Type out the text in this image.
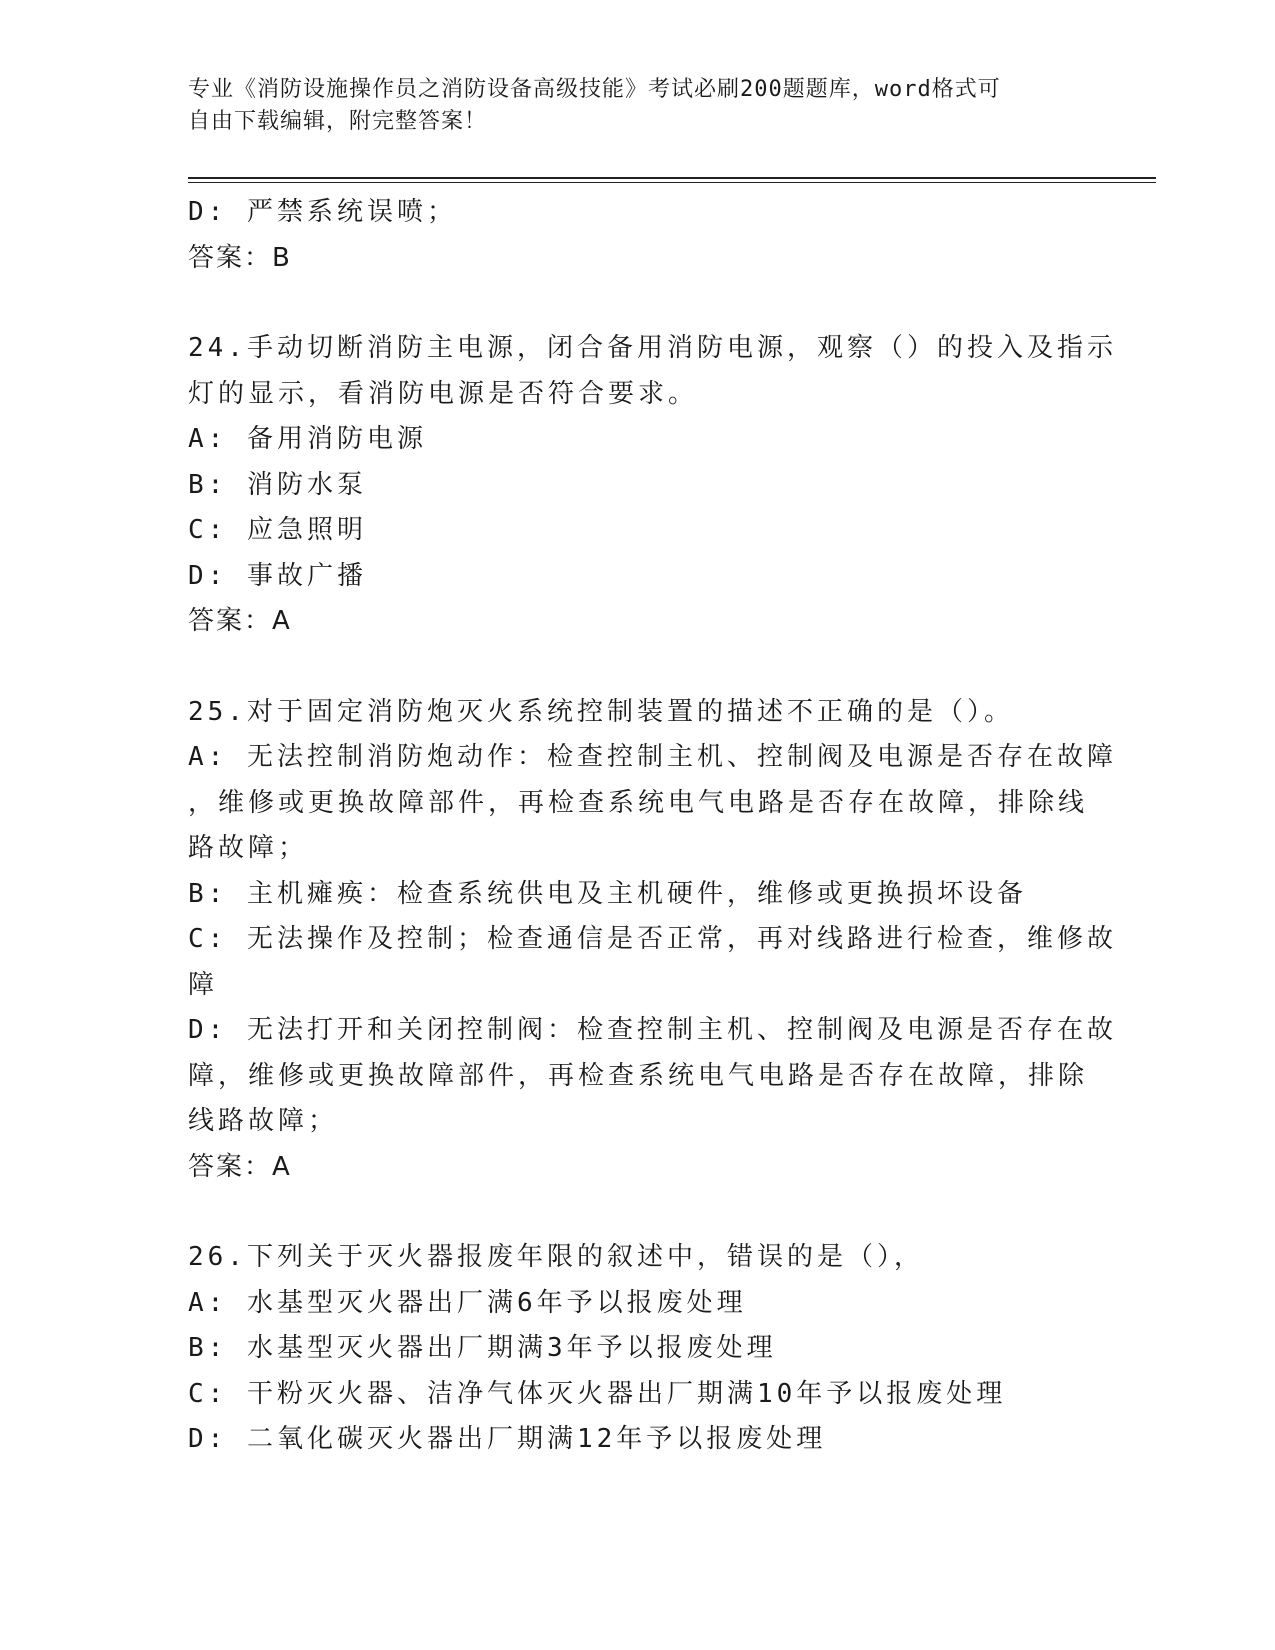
专业《消防设施操作员之消防设备高级技能》考试必刷200题题库，word格式可
自由下载编辑，附完整答案！
D: 严禁系统误喷；
答案：B
24.手动切断消防主电源，闭合备用消防电源，观察（）的投入及指示
灯的显示，看消防电源是否符合要求。
A: 备用消防电源
B: 消防水泵
C: 应急照明
D: 事故广播
答案：A
25.对于固定消防炮灭火系统控制装置的描述不正确的是（）。
A: 无法控制消防炮动作：检查控制主机、控制阀及电源是否存在故障
，维修或更换故障部件，再检查系统电气电路是否存在故障，排除线
路故障；
B: 主机瘫痪：检查系统供电及主机硬件，维修或更换损坏设备
C: 无法操作及控制；检查通信是否正常，再对线路进行检查，维修故
障
D: 无法打开和关闭控制阀：检查控制主机、控制阀及电源是否存在故
障，维修或更换故障部件，再检查系统电气电路是否存在故障，排除
线路故障；
答案：A
26.下列关于灭火器报废年限的叙述中，错误的是（），
A: 水基型灭火器出厂满6年予以报废处理
B: 水基型灭火器出厂期满3年予以报废处理
C: 干粉灭火器、洁净气体灭火器出厂期满10年予以报废处理
D: 二氧化碳灭火器出厂期满12年予以报废处理
